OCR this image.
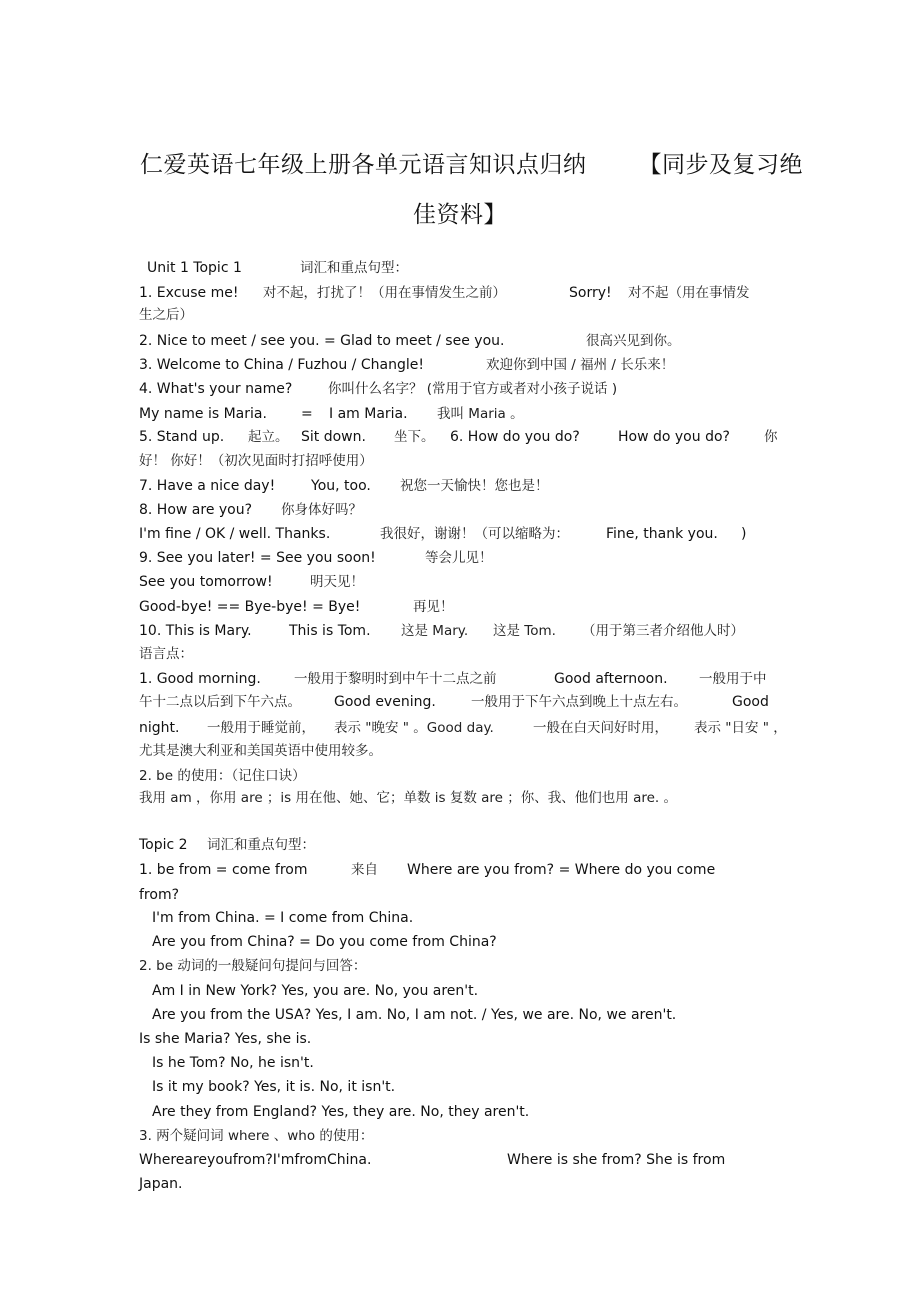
仁爱英语七年级上册各单元语言知识点归纳 【同步及复习绝
佳资料】
Unit 1 Topic 1	词汇和重点句型：
1. Excuse me! 对不起，打扰了！（用在事情发生之前）	Sorry! 对不起（用在事情发
生之后）
2. Nice to meet / see you. = Glad to meet / see you.	很高兴见到你。
3. Welcome to China / Fuzhou / Changle!	欢迎你到中国 / 福州 / 长乐来！
4. What's your name?	你叫什么名字？ (常用于官方或者对小孩子说话 )
My name is Maria. = I am Maria. 我叫 Maria 。
5. Stand up. 起立。 Sit down. 坐下。 6. How do you do?	How do you do?	你
好！ 你好！（初次见面时打招呼使用）
7. Have a nice day!	You, too. 祝您一天愉快！您也是！
8. How are you? 你身体好吗？
I'm fine / OK / well. Thanks.	我很好，谢谢！（可以缩略为：	Fine, thank you. )
9. See you later! = See you soon!	等会儿见！
See you tomorrow!	明天见！
Good-bye! == Bye-bye! = Bye!	再见！
10. This is Mary.	This is Tom. 这是 Mary. 这是 Tom. （用于第三者介绍他人时）
语言点：
1. Good morning. 一般用于黎明时到中午十二点之前	Good afternoon. 一般用于中
午十二点以后到下午六点。 Good evening.	一般用于下午六点到晚上十点左右。	Good
night. 一般用于睡觉前， 表示 "晚安 " 。Good day.	一般在白天问好时用， 表示 "日安 " ，
尤其是澳大利亚和美国英语中使用较多。
2. be 的使用：（记住口诀）
我用 am ，你用 are ；is 用在他、她、它；单数 is 复数 are ；你、我、他们也用 are. 。
Topic 2 词汇和重点句型：
1. be from = come from	来自 Where are you from? = Where do you come
from?
I'm from China. = I come from China.
Are you from China? = Do you come from China?
2. be 动词的一般疑问句提问与回答：
Am I in New York? Yes, you are. No, you aren't.
Are you from the USA? Yes, I am. No, I am not. / Yes, we are. No, we aren't.
Is she Maria? Yes, she is.
Is he Tom? No, he isn't.
Is it my book? Yes, it is. No, it isn't.
Are they from England? Yes, they are. No, they aren't.
3. 两个疑问词 where 、who 的使用：
Whereareyoufrom?I'mfromChina.	Where is she from? She is from
Japan.
